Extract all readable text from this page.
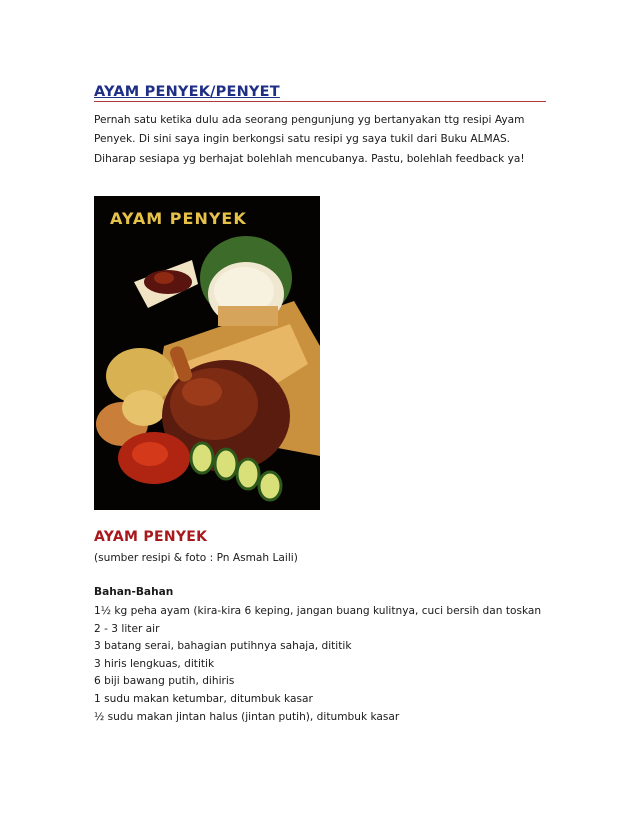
AYAM PENYEK/PENYET
Pernah satu ketika dulu ada seorang pengunjung yg bertanyakan ttg resipi Ayam Penyek. Di sini saya ingin berkongsi satu resipi yg saya tukil dari Buku ALMAS. Diharap sesiapa yg berhajat bolehlah mencubanya. Pastu, bolehlah feedback ya!
AYAM PENYEK
AYAM PENYEK
(sumber resipi & foto : Pn Asmah Laili)
Bahan-Bahan
1½ kg peha ayam (kira-kira 6 keping, jangan buang kulitnya, cuci bersih dan toskan
2 - 3 liter air
3 batang serai, bahagian putihnya sahaja, dititik
3 hiris lengkuas, dititik
6 biji bawang putih, dihiris
1 sudu makan ketumbar, ditumbuk kasar
½ sudu makan jintan halus (jintan putih), ditumbuk kasar
